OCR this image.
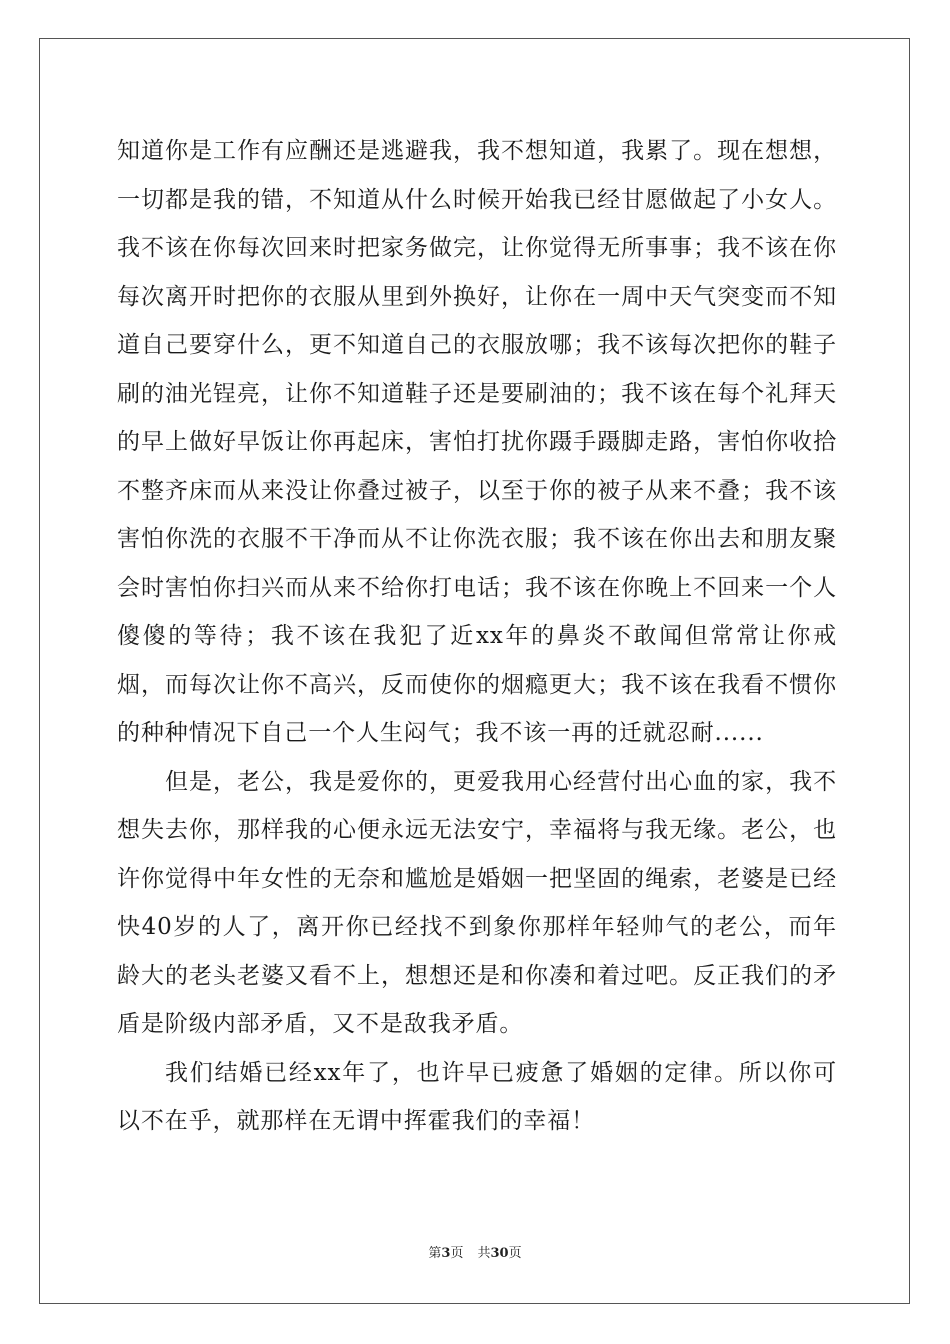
知道你是工作有应酬还是逃避我，我不想知道，我累了。现在想想，一切都是我的错，不知道从什么时候开始我已经甘愿做起了小女人。我不该在你每次回来时把家务做完，让你觉得无所事事；我不该在你每次离开时把你的衣服从里到外换好，让你在一周中天气突变而不知道自己要穿什么，更不知道自己的衣服放哪；我不该每次把你的鞋子刷的油光锃亮，让你不知道鞋子还是要刷油的；我不该在每个礼拜天的早上做好早饭让你再起床，害怕打扰你蹑手蹑脚走路，害怕你收拾不整齐床而从来没让你叠过被子，以至于你的被子从来不叠；我不该害怕你洗的衣服不干净而从不让你洗衣服；我不该在你出去和朋友聚会时害怕你扫兴而从来不给你打电话；我不该在你晚上不回来一个人傻傻的等待；我不该在我犯了近xx年的鼻炎不敢闻但常常让你戒烟，而每次让你不高兴，反而使你的烟瘾更大；我不该在我看不惯你的种种情况下自己一个人生闷气；我不该一再的迁就忍耐......

但是，老公，我是爱你的，更爱我用心经营付出心血的家，我不想失去你，那样我的心便永远无法安宁，幸福将与我无缘。老公，也许你觉得中年女性的无奈和尴尬是婚姻一把坚固的绳索，老婆是已经快40岁的人了，离开你已经找不到象你那样年轻帅气的老公，而年龄大的老头老婆又看不上，想想还是和你凑和着过吧。反正我们的矛盾是阶级内部矛盾，又不是敌我矛盾。

我们结婚已经xx年了，也许早已疲惫了婚姻的定律。所以你可以不在乎，就那样在无谓中挥霍我们的幸福！

第3页 共30页
